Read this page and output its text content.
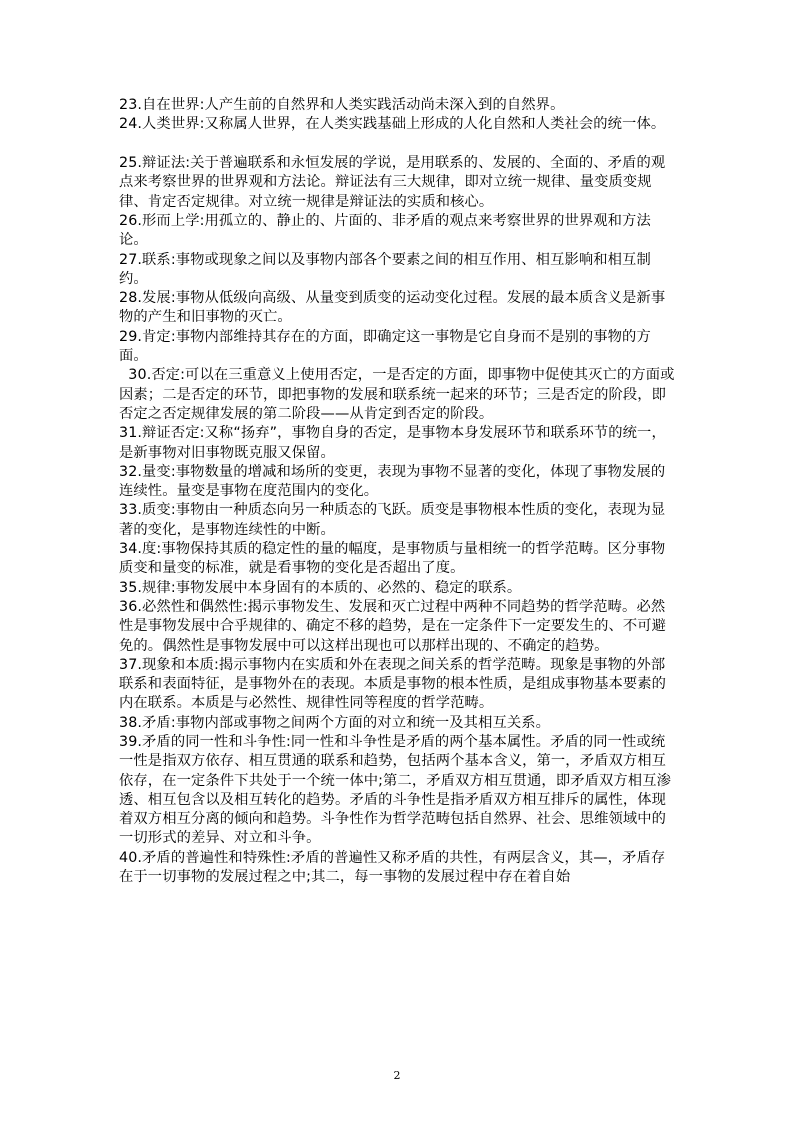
23.自在世界:人产生前的自然界和人类实践活动尚未深入到的自然界。

24.人类世界:又称属人世界，在人类实践基础上形成的人化自然和人类社会的统一体。

25.辩证法:关于普遍联系和永恒发展的学说，是用联系的、发展的、全面的、矛盾的观点来考察世界的世界观和方法论。辩证法有三大规律，即对立统一规律、量变质变规律、肯定否定规律。对立统一规律是辩证法的实质和核心。

26.形而上学:用孤立的、静止的、片面的、非矛盾的观点来考察世界的世界观和方法论。

27.联系:事物或现象之间以及事物内部各个要素之间的相互作用、相互影响和相互制约。

28.发展:事物从低级向高级、从量变到质变的运动变化过程。发展的最本质含义是新事物的产生和旧事物的灭亡。

29.肯定:事物内部维持其存在的方面，即确定这一事物是它自身而不是别的事物的方面。

30.否定:可以在三重意义上使用否定，一是否定的方面，即事物中促使其灭亡的方面或因素；二是否定的环节，即把事物的发展和联系统一起来的环节；三是否定的阶段，即否定之否定规律发展的第二阶段——从肯定到否定的阶段。

31.辩证否定:又称“扬弃”，事物自身的否定，是事物本身发展环节和联系环节的统一，是新事物对旧事物既克服又保留。

32.量变:事物数量的增减和场所的变更，表现为事物不显著的变化，体现了事物发展的连续性。量变是事物在度范围内的变化。

33.质变:事物由一种质态向另一种质态的飞跃。质变是事物根本性质的变化，表现为显著的变化，是事物连续性的中断。

34.度:事物保持其质的稳定性的量的幅度，是事物质与量相统一的哲学范畴。区分事物质变和量变的标准，就是看事物的变化是否超出了度。

35.规律:事物发展中本身固有的本质的、必然的、稳定的联系。

36.必然性和偶然性:揭示事物发生、发展和灭亡过程中两种不同趋势的哲学范畴。必然性是事物发展中合乎规律的、确定不移的趋势，是在一定条件下一定要发生的、不可避免的。偶然性是事物发展中可以这样出现也可以那样出现的、不确定的趋势。

37.现象和本质:揭示事物内在实质和外在表现之间关系的哲学范畴。现象是事物的外部联系和表面特征，是事物外在的表现。本质是事物的根本性质，是组成事物基本要素的内在联系。本质是与必然性、规律性同等程度的哲学范畴。

38.矛盾:事物内部或事物之间两个方面的对立和统一及其相互关系。

39.矛盾的同一性和斗争性:同一性和斗争性是矛盾的两个基本属性。矛盾的同一性或统一性是指双方依存、相互贯通的联系和趋势，包括两个基本含义，第一，矛盾双方相互依存，在一定条件下共处于一个统一体中;第二，矛盾双方相互贯通，即矛盾双方相互渗透、相互包含以及相互转化的趋势。矛盾的斗争性是指矛盾双方相互排斥的属性，体现着双方相互分离的倾向和趋势。斗争性作为哲学范畴包括自然界、社会、思维领域中的一切形式的差异、对立和斗争。

40.矛盾的普遍性和特殊性:矛盾的普遍性又称矛盾的共性，有两层含义，其—，矛盾存在于一切事物的发展过程之中;其二，每一事物的发展过程中存在着自始

2
